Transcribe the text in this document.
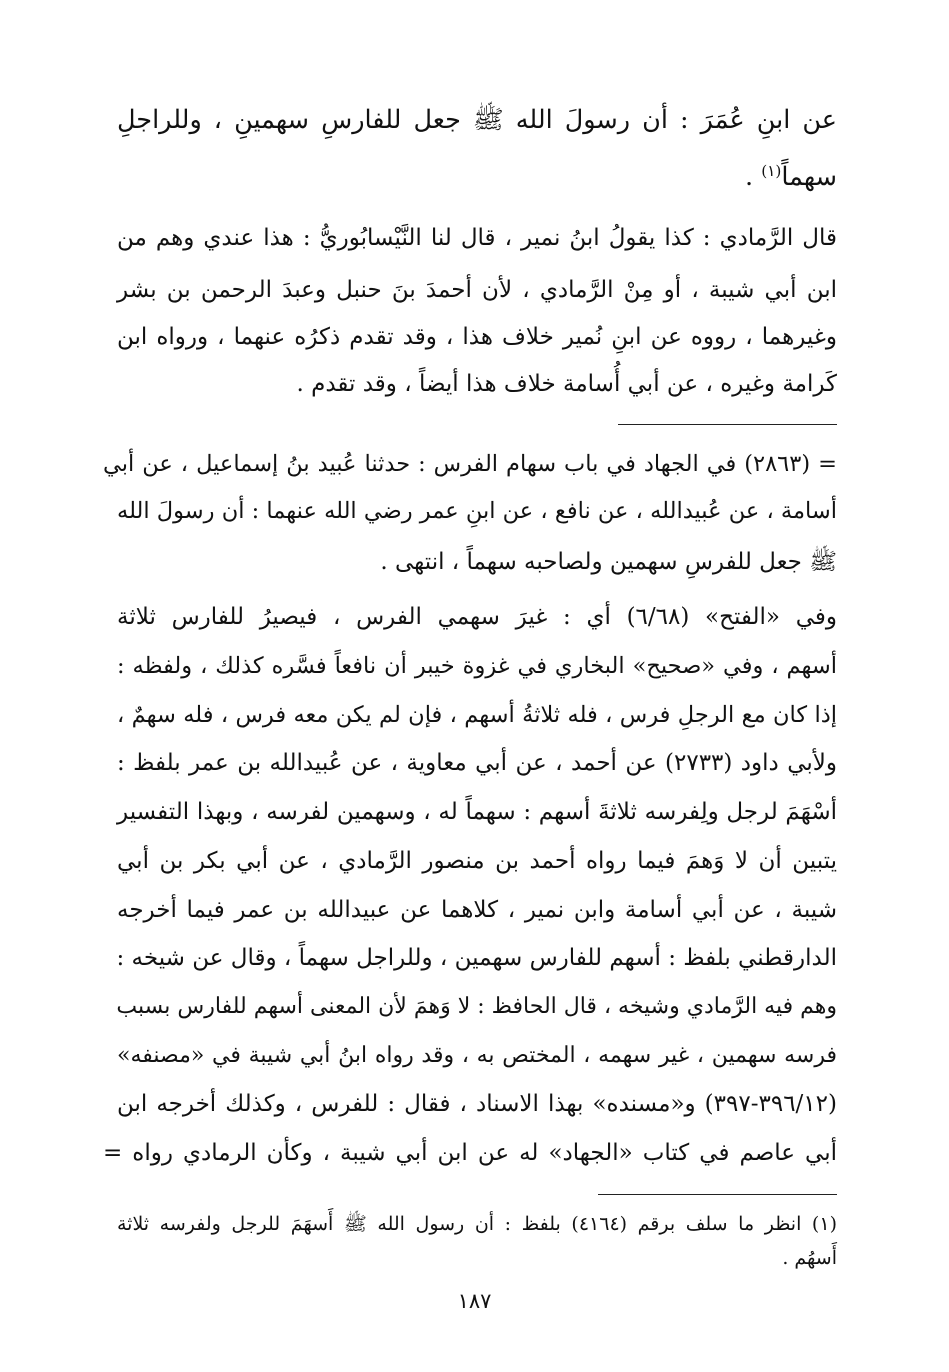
عن ابنِ عُمَرَ : أن رسولَ الله ﷺ جعل للفارسِ سهمينِ ، وللراجلِ
سهماً$^{(١)}$ .
قال الرَّمادي : كذا يقولُ ابنُ نمير ، قال لنا النَّيْسابُوريُّ : هذا عندي وهم من
ابن أبي شيبة ، أو مِنْ الرَّمادي ، لأن أحمدَ بنَ حنبل وعبدَ الرحمن بن بشر
وغيرهما ، رووه عن ابنِ نُمير خلاف هذا ، وقد تقدم ذكرُه عنهما ، ورواه ابن
كَرامة وغيره ، عن أبي أُسامة خلاف هذا أيضاً ، وقد تقدم .
= (٢٨٦٣) في الجهاد في باب سهام الفرس : حدثنا عُبيد بنُ إسماعيل ، عن أبي
أسامة ، عن عُبيدالله ، عن نافع ، عن ابنِ عمر رضي الله عنهما : أن رسولَ الله
ﷺ جعل للفرسِ سهمين ولصاحبه سهماً ، انتهى .
وفي «الفتح» (٦/٦٨) أي : غيرَ سهمي الفرس ، فيصيرُ للفارس ثلاثة
أسهم ، وفي «صحيح» البخاري في غزوة خيبر أن نافعاً فسَّره كذلك ، ولفظه :
إذا كان مع الرجلِ فرس ، فله ثلاثةُ أسهم ، فإن لم يكن معه فرس ، فله سهمٌ ،
ولأبي داود (٢٧٣٣) عن أحمد ، عن أبي معاوية ، عن عُبيدالله بن عمر بلفظ :
أسْهَمَ لرجل ولِفرسه ثلاثةَ أسهم : سهماً له ، وسهمين لفرسه ، وبهذا التفسير
يتبين أن لا وَهمَ فيما رواه أحمد بن منصور الرَّمادي ، عن أبي بكر بن أبي
شيبة ، عن أبي أسامة وابن نمير ، كلاهما عن عبيدالله بن عمر فيما أخرجه
الدارقطني بلفظ : أسهم للفارس سهمين ، وللراجل سهماً ، وقال عن شيخه :
وهم فيه الرَّمادي وشيخه ، قال الحافظ : لا وَهمَ لأن المعنى أسهم للفارس بسبب
فرسه سهمين ، غير سهمه ، المختص به ، وقد رواه ابنُ أبي شيبة في «مصنفه»
(٣٩٦/١٢-٣٩٧) و«مسنده» بهذا الاسناد ، فقال : للفرس ، وكذلك أخرجه ابن
أبي عاصم في كتاب «الجهاد» له عن ابن أبي شيبة ، وكأن الرمادي رواه =
(١) انظر ما سلف برقم (٤١٦٤) بلفظ : أن رسول الله ﷺ أَسهَمَ للرجل ولفرسه ثلاثة
أَسهُم .
١٨٧
